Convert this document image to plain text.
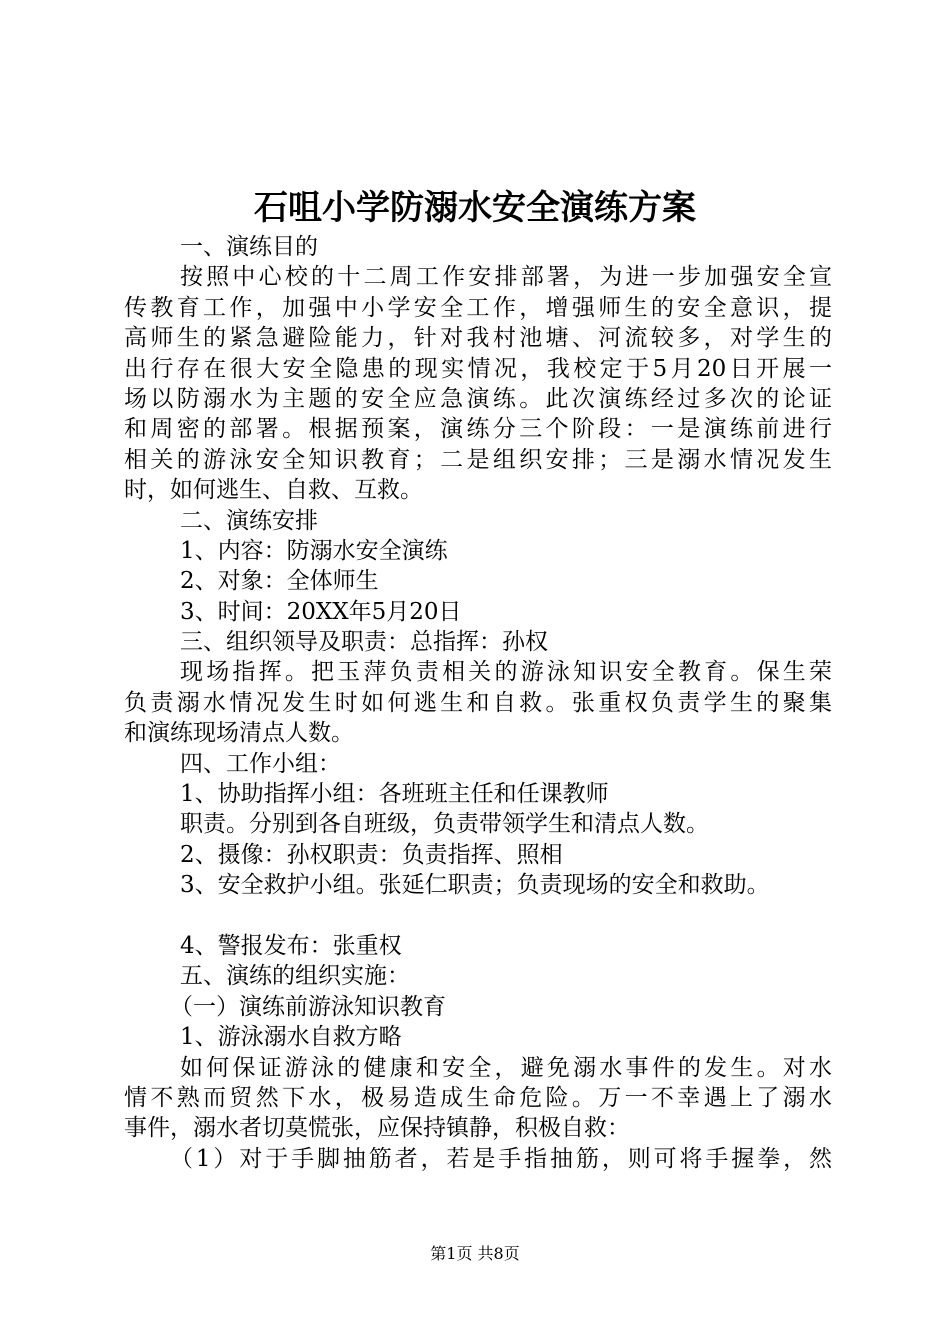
石咀小学防溺水安全演练方案
一、演练目的
按照中心校的十二周工作安排部署，为进一步加强安全宣
传教育工作，加强中小学安全工作，增强师生的安全意识，提
高师生的紧急避险能力，针对我村池塘、河流较多，对学生的
出行存在很大安全隐患的现实情况，我校定于5月20日开展一
场以防溺水为主题的安全应急演练。此次演练经过多次的论证
和周密的部署。根据预案，演练分三个阶段：一是演练前进行
相关的游泳安全知识教育；二是组织安排；三是溺水情况发生
时，如何逃生、自救、互救。
二、演练安排
1、内容：防溺水安全演练
2、对象：全体师生
3、时间：20XX年5月20日
三、组织领导及职责：总指挥：孙权
现场指挥。把玉萍负责相关的游泳知识安全教育。保生荣
负责溺水情况发生时如何逃生和自救。张重权负责学生的聚集
和演练现场清点人数。
四、工作小组：
1、协助指挥小组：各班班主任和任课教师
职责。分别到各自班级，负责带领学生和清点人数。
2、摄像：孙权职责：负责指挥、照相
3、安全救护小组。张延仁职责；负责现场的安全和救助。
4、警报发布：张重权
五、演练的组织实施：
（一）演练前游泳知识教育
1、游泳溺水自救方略
如何保证游泳的健康和安全，避免溺水事件的发生。对水
情不熟而贸然下水，极易造成生命危险。万一不幸遇上了溺水
事件，溺水者切莫慌张，应保持镇静，积极自救：
（1）对于手脚抽筋者，若是手指抽筋，则可将手握拳，然
第1页 共8页
